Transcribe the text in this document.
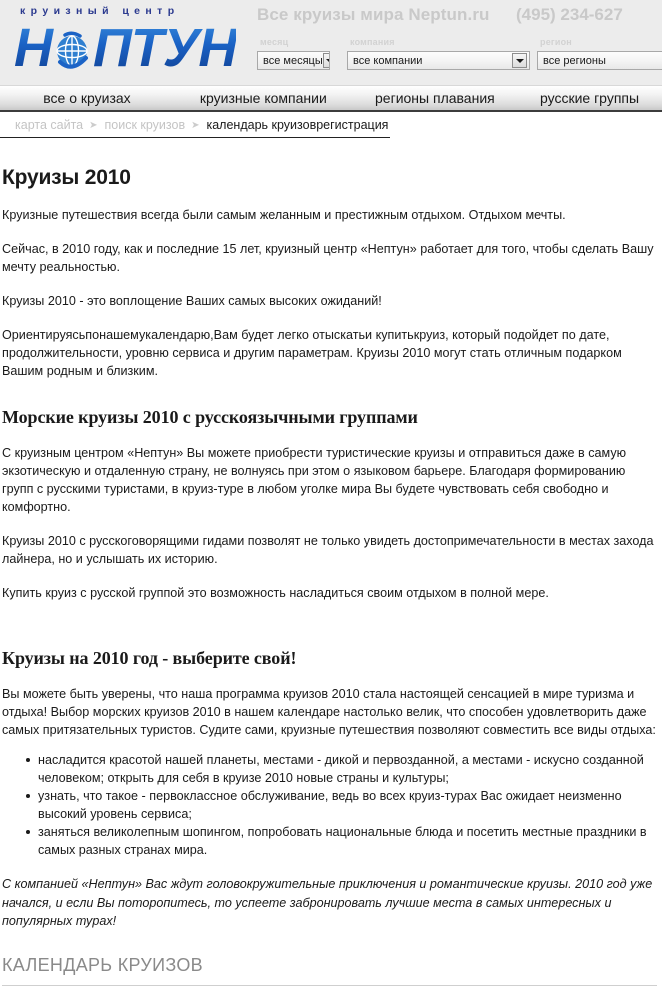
круизный центр
Н ПТУН
Все круизы мира Neptun.ru (495) 234-627
месяц
все месяцы
компания
все компании
регион
все регионы
все о круизах	круизные компании	регионы плавания	русские группы
карта сайта ➤ поиск круизов ➤ календарь круизоврегистрация
Круизы 2010

Круизные путешествия всегда были самым желанным и престижным отдыхом. Отдыхом мечты.

Сейчас, в 2010 году, как и последние 15 лет, круизный центр «Нептун» работает для того, чтобы сделать Вашу мечту реальностью.

Круизы 2010 - это воплощение Ваших самых высоких ожиданий!

Ориентируясьпонашемукалендарю,Вам будет легко отыскатьи купитькруиз, который подойдет по дате, продолжительности, уровню сервиса и другим параметрам. Круизы 2010 могут стать отличным подарком Вашим родным и близким.

Морские круизы 2010 с русскоязычными группами

С круизным центром «Нептун» Вы можете приобрести туристические круизы и отправиться даже в самую экзотическую и отдаленную страну, не волнуясь при этом о языковом барьере. Благодаря формированию групп с русскими туристами, в круиз-туре в любом уголке мира Вы будете чувствовать себя свободно и комфортно.

Круизы 2010 с русскоговорящими гидами позволят не только увидеть достопримечательности в местах захода лайнера, но и услышать их историю.

Купить круиз с русской группой это возможность насладиться своим отдыхом в полной мере.

Круизы на 2010 год - выберите свой!

Вы можете быть уверены, что наша программа круизов 2010 стала настоящей сенсацией в мире туризма и отдыха! Выбор морских круизов 2010 в нашем календаре настолько велик, что способен удовлетворить даже самых притязательных туристов. Судите сами, круизные путешествия позволяют совместить все виды отдыха:

насладится красотой нашей планеты, местами - дикой и первозданной, а местами - искусно созданной человеком; открыть для себя в круизе 2010 новые страны и культуры;
узнать, что такое - первоклассное обслуживание, ведь во всех круиз-турах Вас ожидает неизменно высокий уровень сервиса;
заняться великолепным шопингом, попробовать национальные блюда и посетить местные праздники в самых разных странах мира.

С компанией «Нептун» Вас ждут головокружительные приключения и романтические круизы. 2010 год уже начался, и если Вы поторопитесь, то успеете забронировать лучшие места в самых интересных и популярных турах!

КАЛЕНДАРЬ КРУИЗОВ
